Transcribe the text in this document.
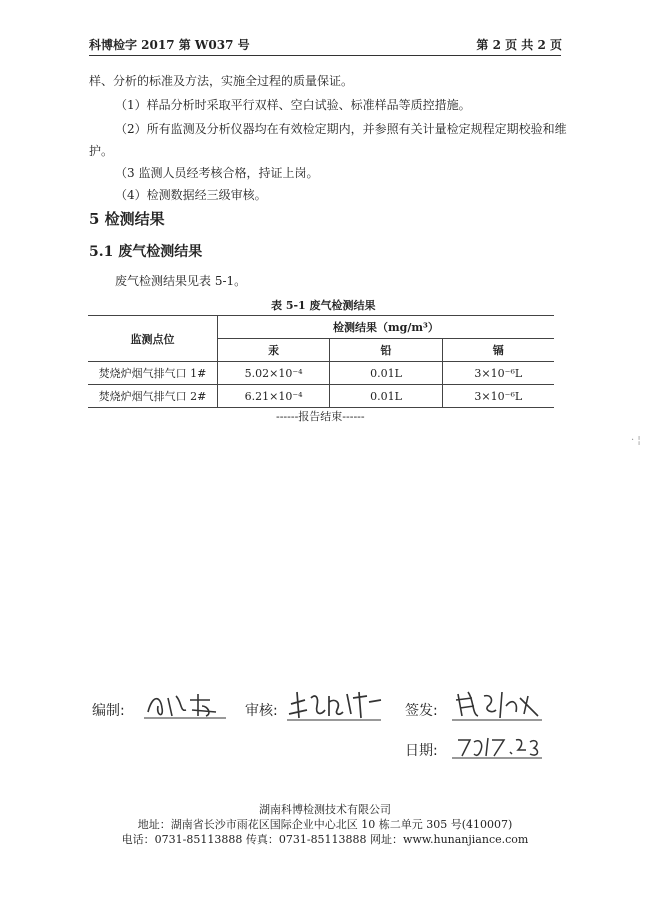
科博检字 2017 第 W037 号	第 2 页 共 2 页
样、分析的标准及方法，实施全过程的质量保证。
（1）样品分析时采取平行双样、空白试验、标准样品等质控措施。
（2）所有监测及分析仪器均在有效检定期内，并参照有关计量检定规程定期校验和维
护。
（3 监测人员经考核合格，持证上岗。
（4）检测数据经三级审核。
5 检测结果
5.1 废气检测结果
废气检测结果见表 5-1。
表 5-1 废气检测结果
监测点位	检测结果（mg/m³）		
	汞	铅	镉
焚烧炉烟气排气口 1#	5.02×10⁻⁴	0.01L	3×10⁻⁶L
焚烧炉烟气排气口 2#	6.21×10⁻⁴	0.01L	3×10⁻⁶L
------报告结束------
· ¦
编制:	审核:	签发:
日期:
湖南科博检测技术有限公司
地址：湖南省长沙市雨花区国际企业中心北区 10 栋二单元 305 号(410007)
电话：0731-85113888 传真：0731-85113888 网址：www.hunanjiance.com
